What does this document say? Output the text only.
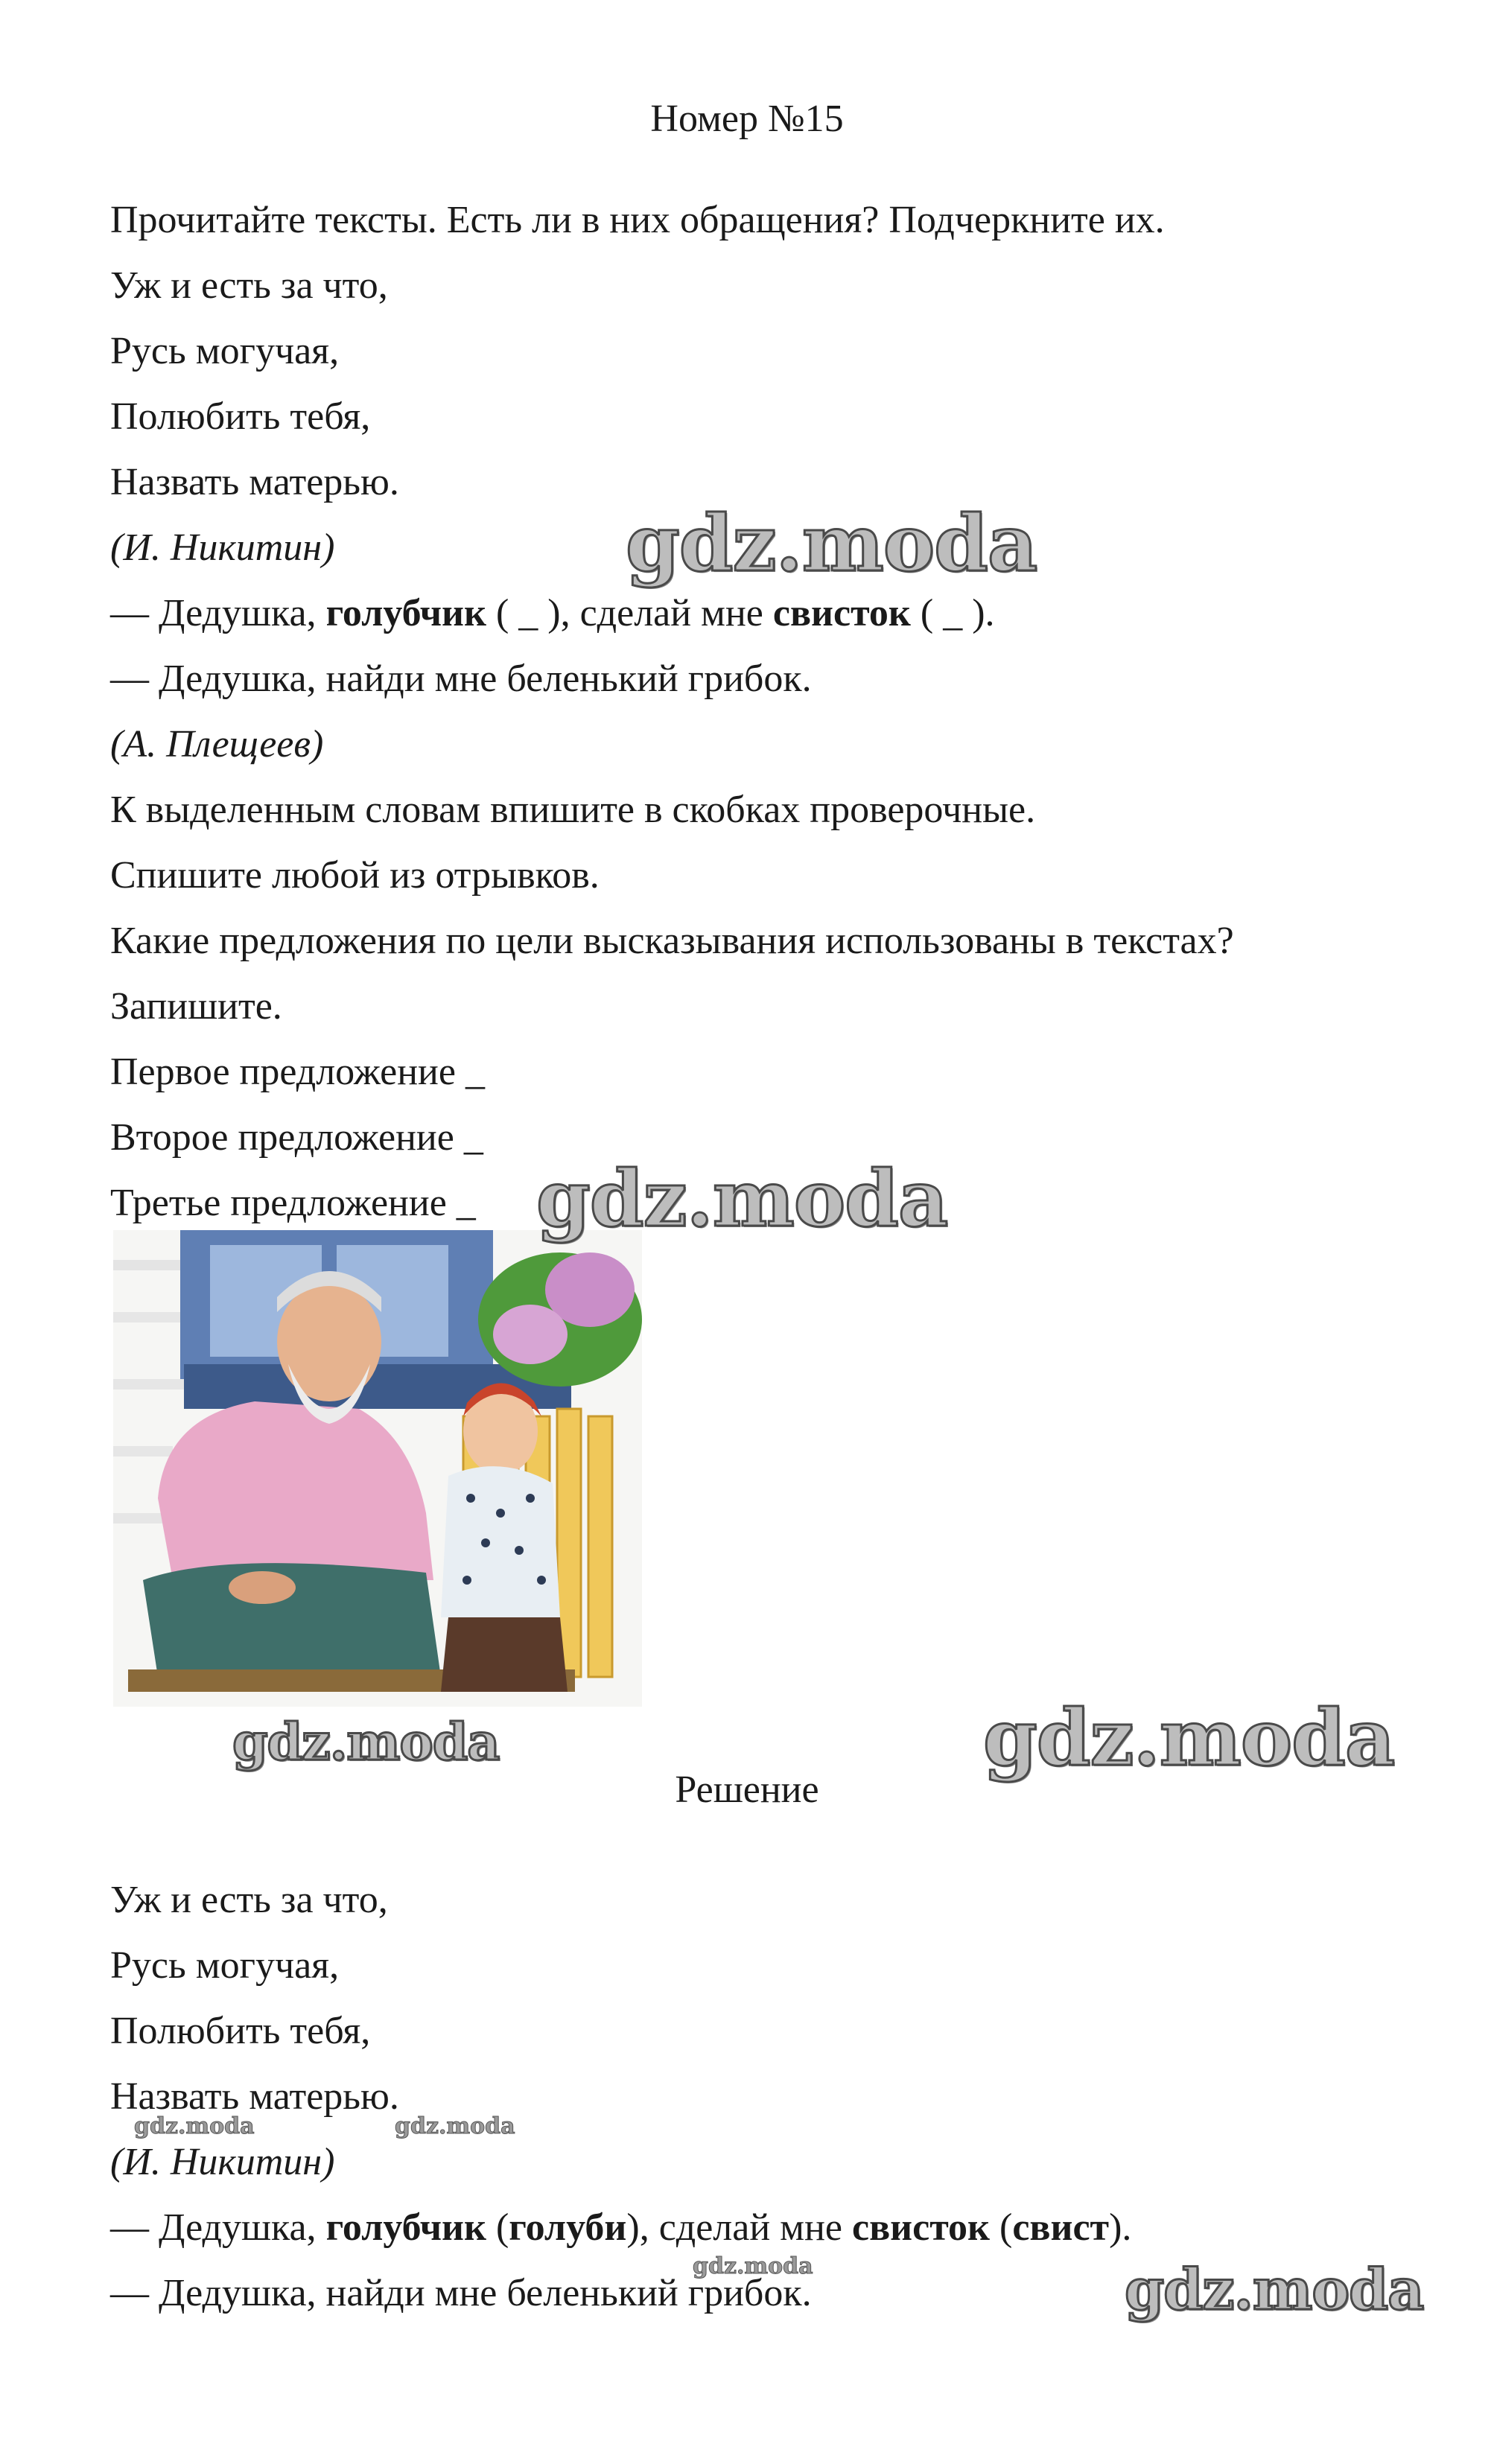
Номер №15
Прочитайте тексты. Есть ли в них обращения? Подчеркните их.
Уж и есть за что,
Русь могучая,
Полюбить тебя,
Назвать матерью.
(И. Никитин)
— Дедушка, голубчик ( _ ), сделай мне свисток ( _ ).
— Дедушка, найди мне беленький грибок.
(А. Плещеев)
К выделенным словам впишите в скобках проверочные.
Спишите любой из отрывков.
Какие предложения по цели высказывания использованы в текстах?
Запишите.
Первое предложение _
Второе предложение _
Третье предложение _
Решение
Уж и есть за что,
Русь могучая,
Полюбить тебя,
Назвать матерью.
(И. Никитин)
— Дедушка, голубчик (голуби), сделай мне свисток (свист).
— Дедушка, найди мне беленький грибок.
gdz.moda
gdz.moda
gdz.moda	gdz.moda
gdz.moda	gdz.moda
gdz.moda	gdz.moda
